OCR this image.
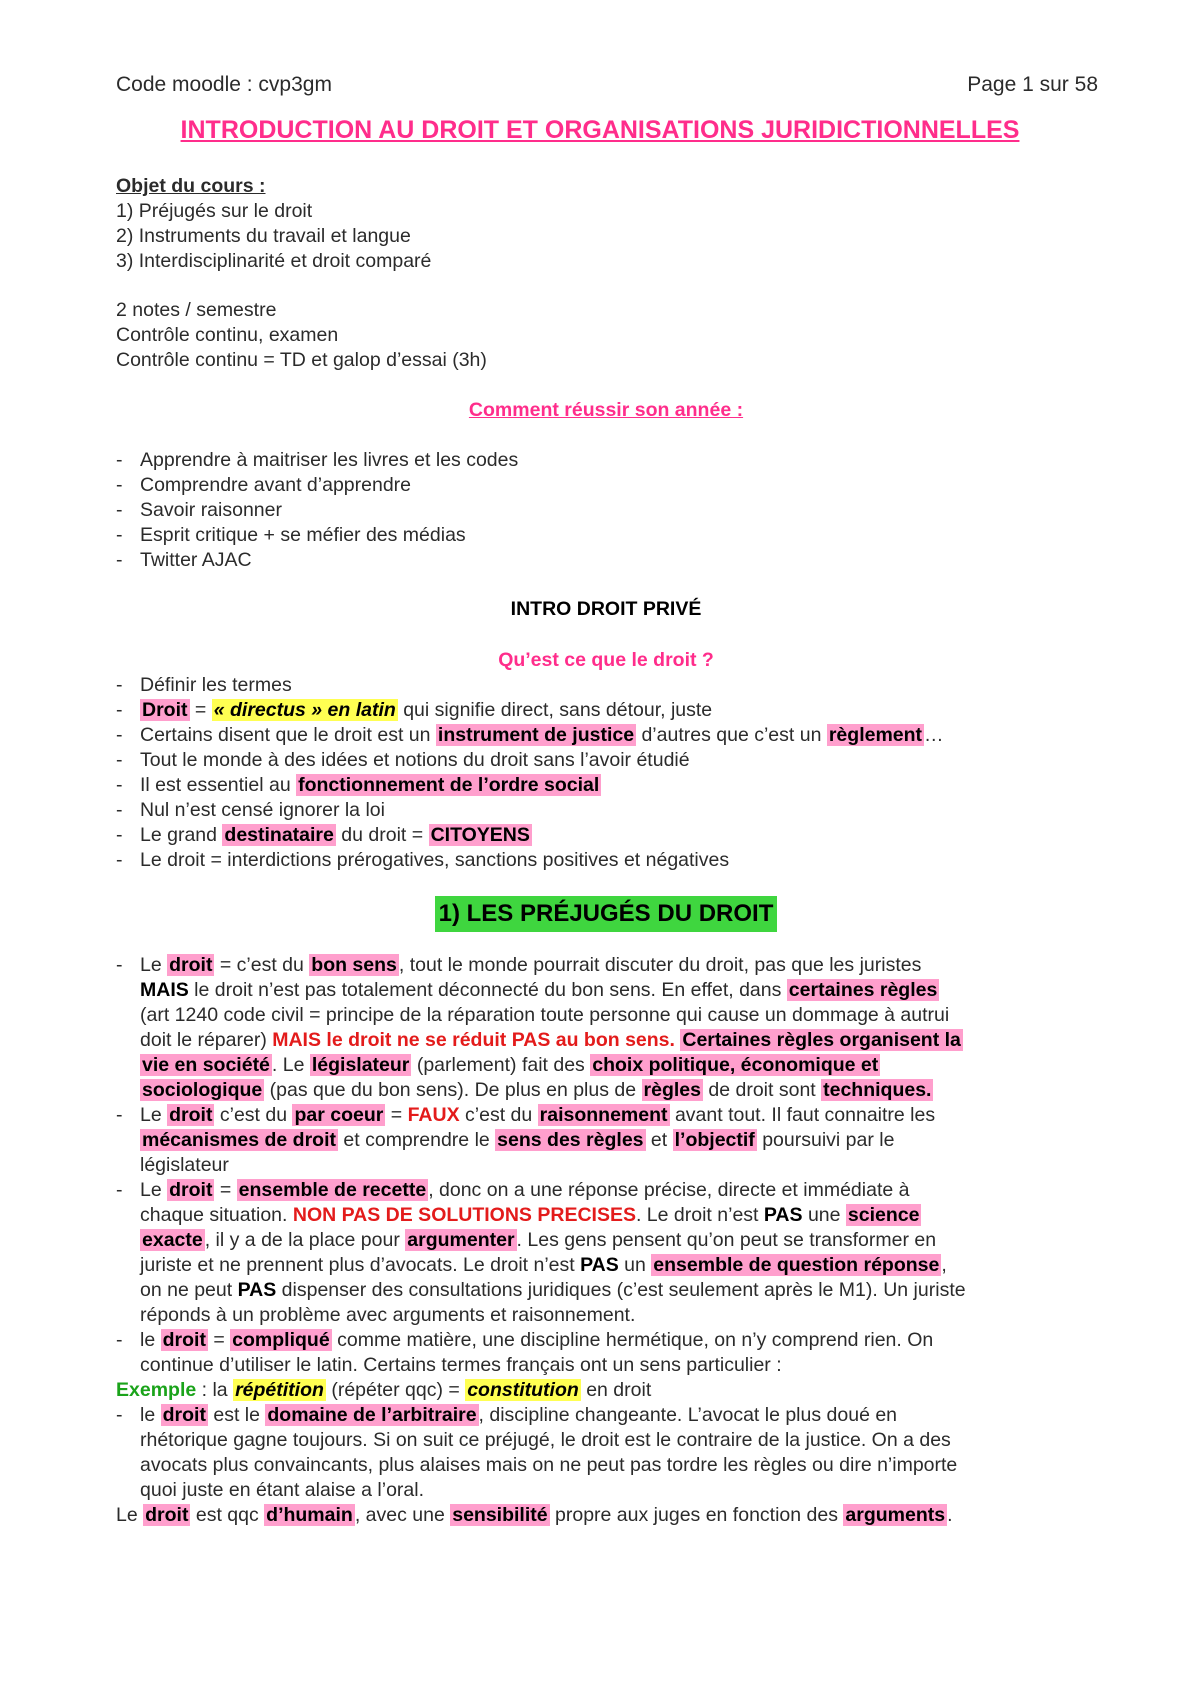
Code moodle : cvp3gm	Page 1 sur 58
INTRODUCTION AU DROIT ET ORGANISATIONS JURIDICTIONNELLES
Objet du cours :
1) Préjugés sur le droit
2) Instruments du travail et langue
3) Interdisciplinarité et droit comparé
2 notes / semestre
Contrôle continu, examen
Contrôle continu = TD et galop d’essai (3h)
Comment réussir son année :
- Apprendre à maitriser les livres et les codes
- Comprendre avant d’apprendre
- Savoir raisonner
- Esprit critique + se méfier des médias
- Twitter AJAC
INTRO DROIT PRIVÉ
Qu’est ce que le droit ?
- Définir les termes
- Droit = « directus » en latin qui signifie direct, sans détour, juste
- Certains disent que le droit est un instrument de justice d’autres que c’est un règlement …
- Tout le monde à des idées et notions du droit sans l’avoir étudié
- Il est essentiel au fonctionnement de l’ordre social
- Nul n’est censé ignorer la loi
- Le grand destinataire du droit = CITOYENS
- Le droit = interdictions prérogatives, sanctions positives et négatives
1) LES PRÉJUGÉS DU DROIT
- Le droit = c’est du bon sens , tout le monde pourrait discuter du droit, pas que les juristes
MAIS le droit n’est pas totalement déconnecté du bon sens. En effet, dans certaines règles
(art 1240 code civil = principe de la réparation toute personne qui cause un dommage à autrui
doit le réparer) MAIS le droit ne se réduit PAS au bon sens. Certaines règles organisent la
vie en société . Le législateur (parlement) fait des choix politique, économique et
sociologique (pas que du bon sens). De plus en plus de règles de droit sont techniques.
- Le droit c’est du par coeur = FAUX c’est du raisonnement avant tout. Il faut connaitre les
mécanismes de droit et comprendre le sens des règles et l’objectif poursuivi par le
législateur
- Le droit = ensemble de recette , donc on a une réponse précise, directe et immédiate à
chaque situation. NON PAS DE SOLUTIONS PRECISES. Le droit n’est PAS une science
exacte , il y a de la place pour argumenter . Les gens pensent qu’on peut se transformer en
juriste et ne prennent plus d’avocats. Le droit n’est PAS un ensemble de question réponse ,
on ne peut PAS dispenser des consultations juridiques (c’est seulement après le M1). Un juriste
réponds à un problème avec arguments et raisonnement.
- le droit = compliqué comme matière, une discipline hermétique, on n’y comprend rien. On
continue d’utiliser le latin. Certains termes français ont un sens particulier :
Exemple : la répétition (répéter qqc) = constitution en droit
- le droit est le domaine de l’arbitraire , discipline changeante. L’avocat le plus doué en
rhétorique gagne toujours. Si on suit ce préjugé, le droit est le contraire de la justice. On a des
avocats plus convaincants, plus alaises mais on ne peut pas tordre les règles ou dire n’importe
quoi juste en étant alaise a l’oral.
Le droit est qqc d’humain , avec une sensibilité propre aux juges en fonction des arguments .
